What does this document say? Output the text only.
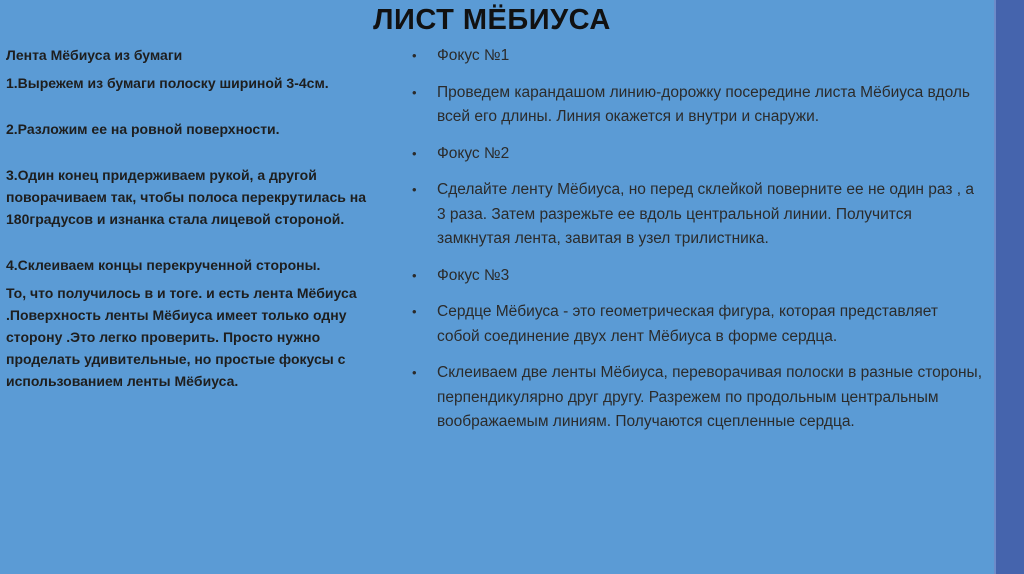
ЛИСТ МЁБИУСА

Лента Мёбиуса из бумаги

1.Вырежем из бумаги полоску шириной 3-4см.

2.Разложим ее на ровной поверхности.

3.Один конец придерживаем рукой, а другой поворачиваем так, чтобы полоса перекрутилась на 180градусов и изнанка стала лицевой стороной.

4.Склеиваем концы перекрученной стороны.

То, что получилось в и тоге. и есть лента Мёбиуса .Поверхность ленты Мёбиуса имеет только одну сторону .Это легко проверить. Просто нужно проделать удивительные, но простые фокусы с использованием ленты Мёбиуса.

•	Фокус №1
•	Проведем карандашом линию-дорожку посередине листа Мёбиуса вдоль всей его длины. Линия окажется и внутри и снаружи.
•	Фокус №2
•	Сделайте ленту Мёбиуса, но перед склейкой поверните ее не один раз , а 3 раза. Затем разрежьте ее вдоль центральной линии. Получится замкнутая лента, завитая в узел трилистника.
•	Фокус №3
•	Сердце Мёбиуса - это геометрическая фигура, которая представляет собой соединение двух лент Мёбиуса в форме сердца.
•	Склеиваем две ленты Мёбиуса, переворачивая полоски в разные стороны, перпендикулярно друг другу. Разрежем по продольным центральным воображаемым линиям. Получаются сцепленные сердца.
